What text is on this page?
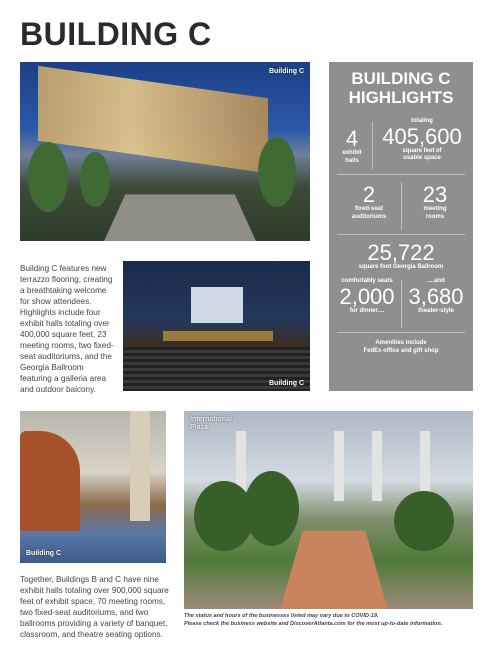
BUILDING C
Building C
Building C

Building C features new terrazzo flooring, creating a breathtaking welcome for show attendees. Highlights include four exhibit halls totaling over 400,000 square feet, 23 meeting rooms, two fixed-seat auditoriums, and the Georgia Ballroom featuring a galleria area and outdoor balcony.

BUILDING C
HIGHLIGHTS
4
exhibit
halls
totaling
405,600
square feet of
usable space
2
fixed-seat
auditoriums
23
meeting
rooms
25,722
square foot Georgia Ballroom
comfortably seats
2,000
for dinner....
....and
3,680
theater-style
Amenities include
FedEx office and gift shop
Building C
International
Plaza

Together, Buildings B and C have nine exhibit halls totaling over 900,000 square feet of exhibit space, 70 meeting rooms, two fixed-seat auditoriums, and two ballrooms providing a variety of banquet, classroom, and theatre seating options.

The status and hours of the businesses listed may vary due to COVID-19.
Please check the business website and DiscoverAtlanta.com for the most up-to-date information.
